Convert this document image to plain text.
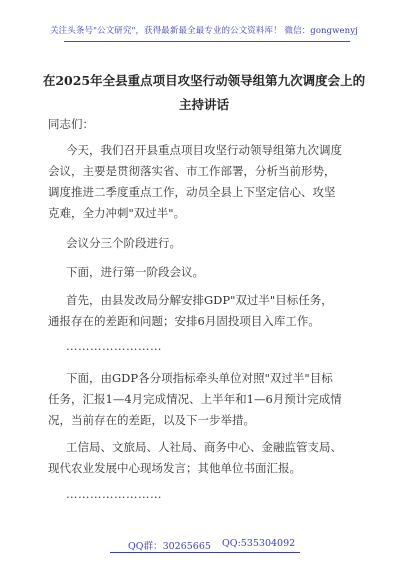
关注头条号"公文研究"，获得最新最全最专业的公文资料库！ 微信：gongwenyj
在2025年全县重点项目攻坚行动领导组第九次调度会上的
主持讲话
同志们：
今天，我们召开县重点项目攻坚行动领导组第九次调度
会议，主要是贯彻落实省、市工作部署，分析当前形势，
调度推进二季度重点工作，动员全县上下坚定信心、攻坚
克难，全力冲刺"双过半"。
会议分三个阶段进行。
下面，进行第一阶段会议。
首先，由县发改局分解安排GDP"双过半"目标任务，
通报存在的差距和问题；安排6月固投项目入库工作。
……………………
下面，由GDP各分项指标牵头单位对照"双过半"目标
任务，汇报1—4月完成情况、上半年和1—6月预计完成情
况，当前存在的差距，以及下一步举措。
工信局、文旅局、人社局、商务中心、金融监管支局、
现代农业发展中心现场发言；其他单位书面汇报。
……………………
QQ群：30265665 QQ:535304092
